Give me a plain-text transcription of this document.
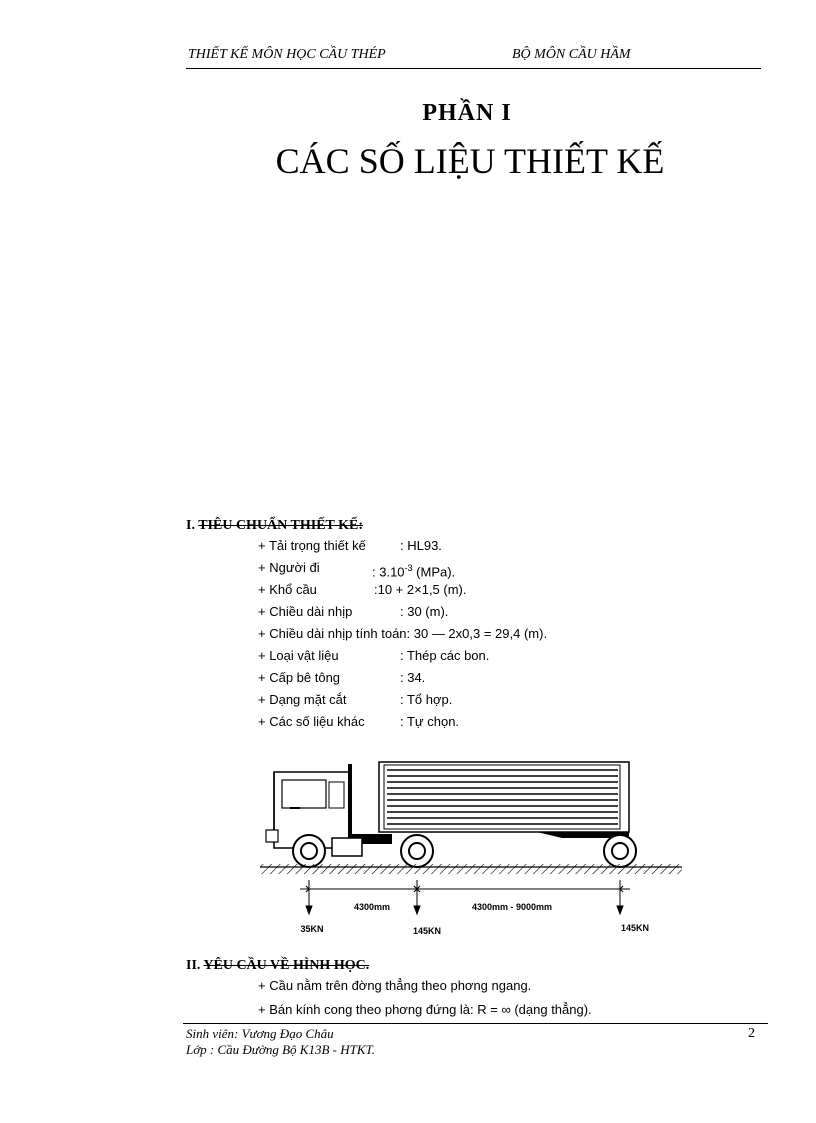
THIẾT KẾ MÔN HỌC CẦU THÉP	BỘ MÔN CẦU HẦM
PHẦN I
CÁC SỐ LIỆU THIẾT KẾ
I. TIÊU CHUẨN THIẾT KẾ:
+ Tải trọng thiết kế	: HL93.
+ Người đi	: $3.10^{-3}$ (MPa).
+ Khổ cầu	:10 + 2×1,5 (m).
+ Chiều dài nhịp	: 30 (m).
+ Chiều dài nhịp tính toán: 30 — 2x0,3 = 29,4 (m).
+ Loại vật liệu	: Thép các bon.
+ Cấp bê tông	: 34.
+ Dạng mặt cắt	: Tổ hợp.
+ Các số liệu khác	: Tự chọn.
4300mm	4300mm - 9000mm
35KN	145KN	145KN
II. YÊU CẦU VỀ HÌNH HỌC.
+ Cầu nằm trên đờng thẳng theo phơng ngang.
+ Bán kính cong theo phơng đứng là: R = ∞ (dạng thẳng).
Sinh viên: Vương Đạo Châu
Lớp : Cầu Đường Bộ K13B - HTKT.
2
